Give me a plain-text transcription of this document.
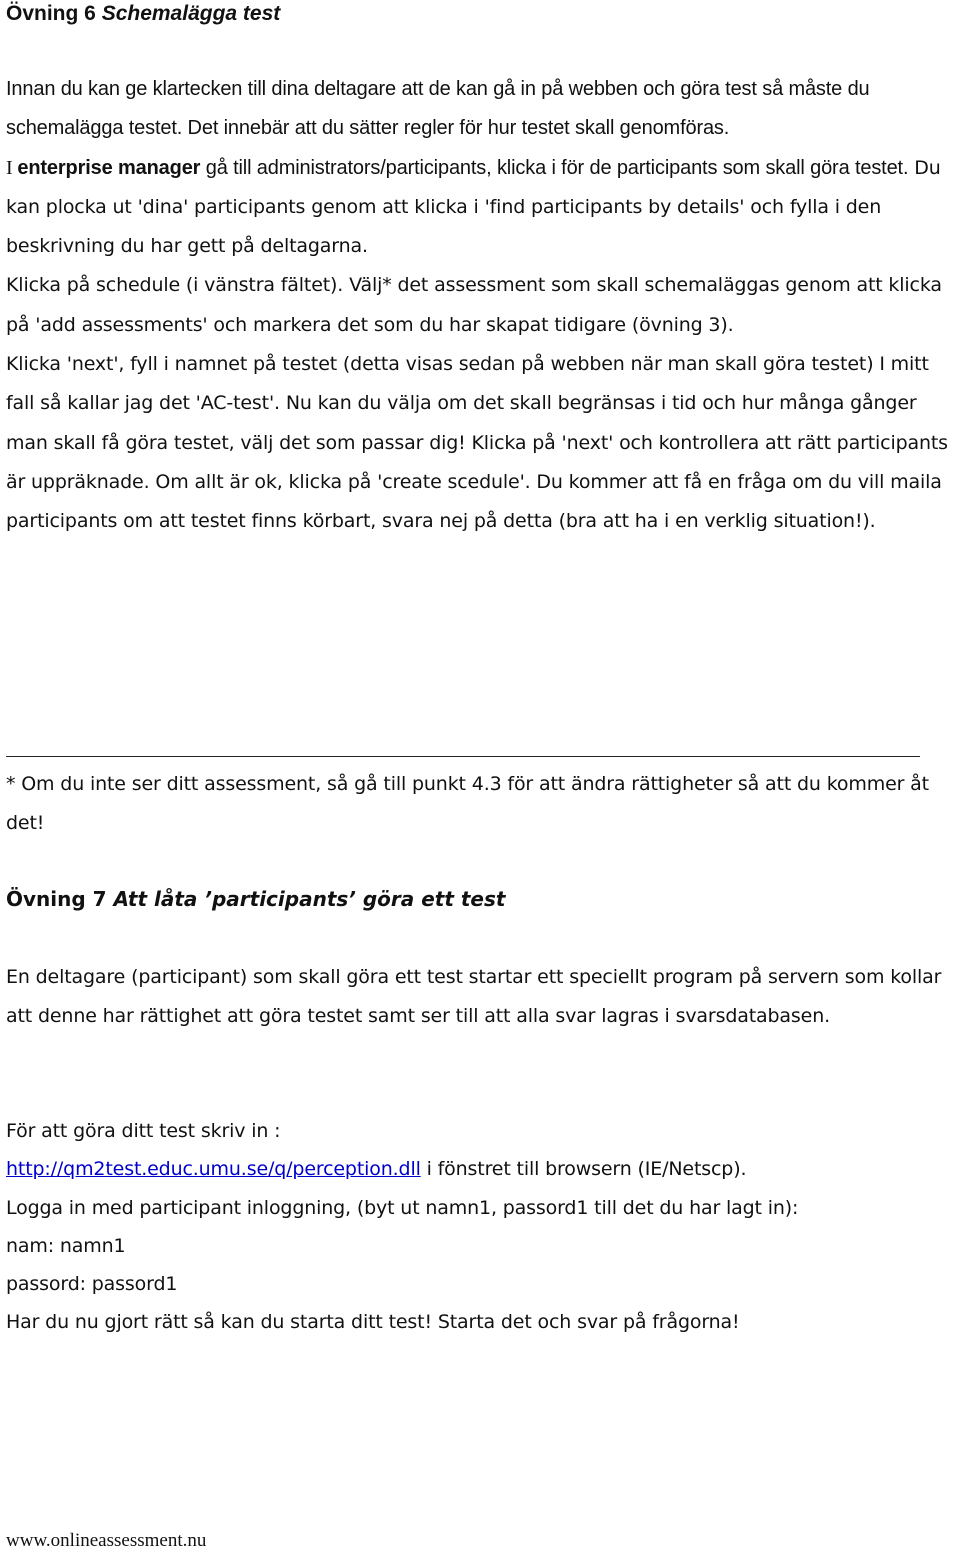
Övning 6 Schemalägga test

Innan du kan ge klartecken till dina deltagare att de kan gå in på webben och göra test så måste du schemalägga testet. Det innebär att du sätter regler för hur testet skall genomföras.
I enterprise manager gå till administrators/participants, klicka i för de participants som skall göra testet. Du kan plocka ut 'dina' participants genom att klicka i 'find participants by details' och fylla i den beskrivning du har gett på deltagarna.
Klicka på schedule (i vänstra fältet). Välj* det assessment som skall schemaläggas genom att klicka på 'add assessments' och markera det som du har skapat tidigare (övning 3).
Klicka 'next', fyll i namnet på testet (detta visas sedan på webben när man skall göra testet) I mitt fall så kallar jag det 'AC-test'. Nu kan du välja om det skall begränsas i tid och hur många gånger man skall få göra testet, välj det som passar dig! Klicka på 'next' och kontrollera att rätt participants är uppräknade. Om allt är ok, klicka på 'create scedule'. Du kommer att få en fråga om du vill maila participants om att testet finns körbart, svara nej på detta (bra att ha i en verklig situation!).

* Om du inte ser ditt assessment, så gå till punkt 4.3 för att ändra rättigheter så att du kommer åt det!

Övning 7 Att låta ’participants’ göra ett test

En deltagare (participant) som skall göra ett test startar ett speciellt program på servern som kollar att denne har rättighet att göra testet samt ser till att alla svar lagras i svarsdatabasen.

För att göra ditt test skriv in :
http://qm2test.educ.umu.se/q/perception.dll i fönstret till browsern (IE/Netscp).
Logga in med participant inloggning, (byt ut namn1, passord1 till det du har lagt in):
nam: namn1
passord: passord1
Har du nu gjort rätt så kan du starta ditt test! Starta det och svar på frågorna!

www.onlineassessment.nu
